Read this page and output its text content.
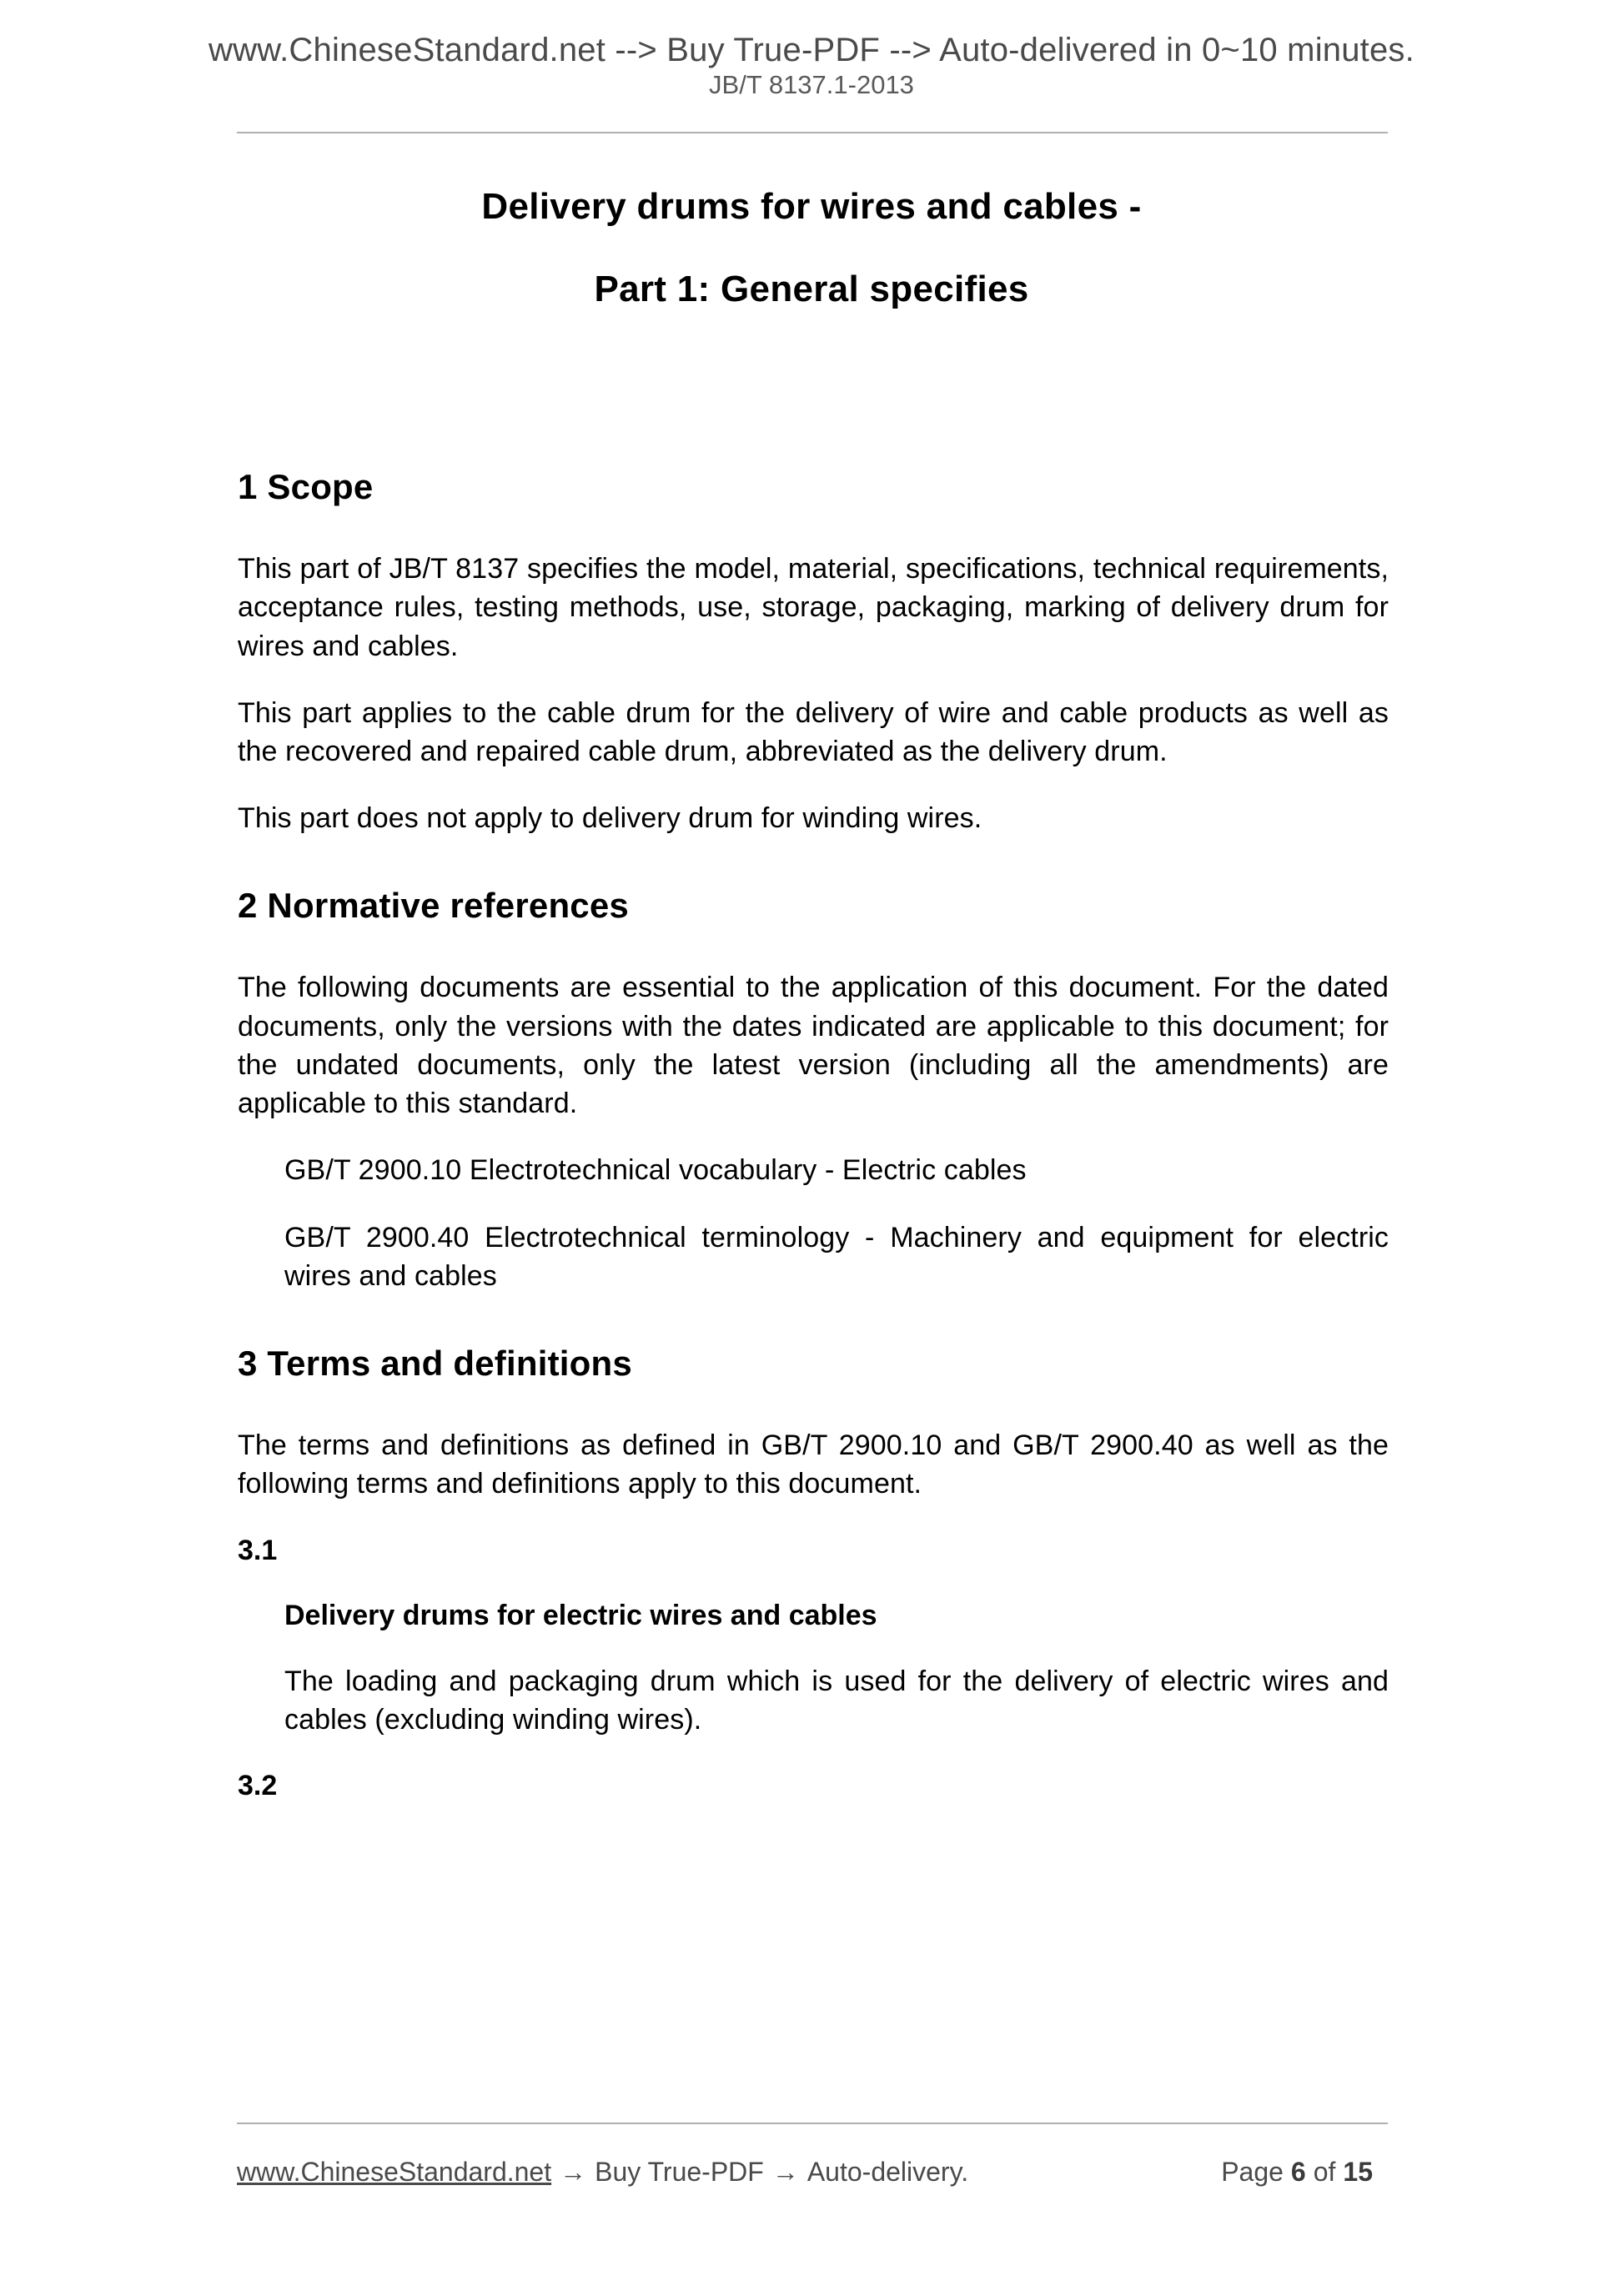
www.ChineseStandard.net --> Buy True-PDF --> Auto-delivered in 0~10 minutes.
JB/T 8137.1-2013
Delivery drums for wires and cables -
Part 1: General specifies
1 Scope

This part of JB/T 8137 specifies the model, material, specifications, technical requirements, acceptance rules, testing methods, use, storage, packaging, marking of delivery drum for wires and cables.

This part applies to the cable drum for the delivery of wire and cable products as well as the recovered and repaired cable drum, abbreviated as the delivery drum.

This part does not apply to delivery drum for winding wires.

2 Normative references

The following documents are essential to the application of this document. For the dated documents, only the versions with the dates indicated are applicable to this document; for the undated documents, only the latest version (including all the amendments) are applicable to this standard.

GB/T 2900.10 Electrotechnical vocabulary - Electric cables

GB/T 2900.40 Electrotechnical terminology - Machinery and equipment for electric wires and cables

3 Terms and definitions

The terms and definitions as defined in GB/T 2900.10 and GB/T 2900.40 as well as the following terms and definitions apply to this document.

3.1

Delivery drums for electric wires and cables

The loading and packaging drum which is used for the delivery of electric wires and cables (excluding winding wires).

3.2

www.ChineseStandard.net → Buy True-PDF → Auto-delivery.	Page 6 of 15
